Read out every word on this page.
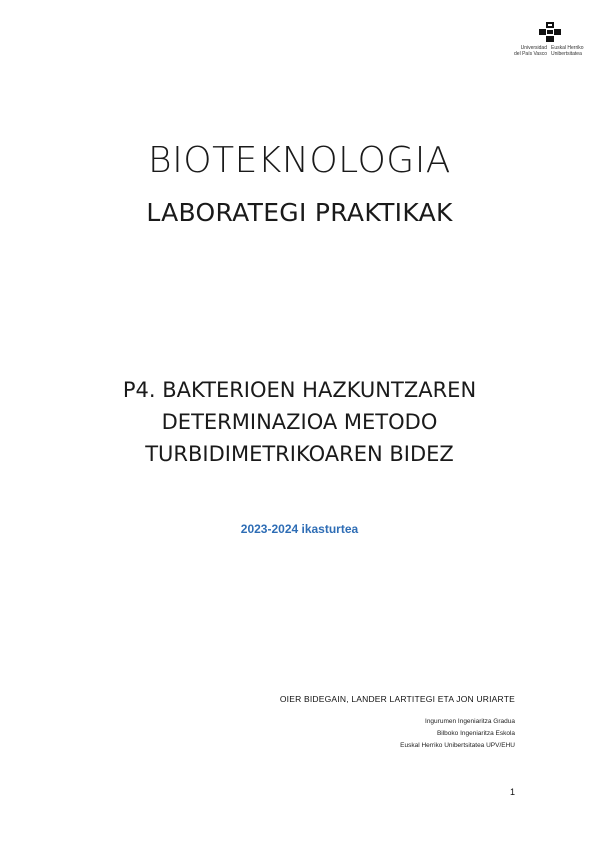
Universidad
del País Vasco
Euskal Herriko
Unibertsitatea
BIOTEKNOLOGIA
LABORATEGI PRAKTIKAK
P4. BAKTERIOEN HAZKUNTZAREN
DETERMINAZIOA METODO
TURBIDIMETRIKOAREN BIDEZ
2023-2024 ikasturtea
OIER BIDEGAIN, LANDER LARTITEGI ETA JON URIARTE
Ingurumen Ingeniaritza Gradua
Bilboko Ingeniaritza Eskola
Euskal Herriko Unibertsitatea UPV/EHU
1
